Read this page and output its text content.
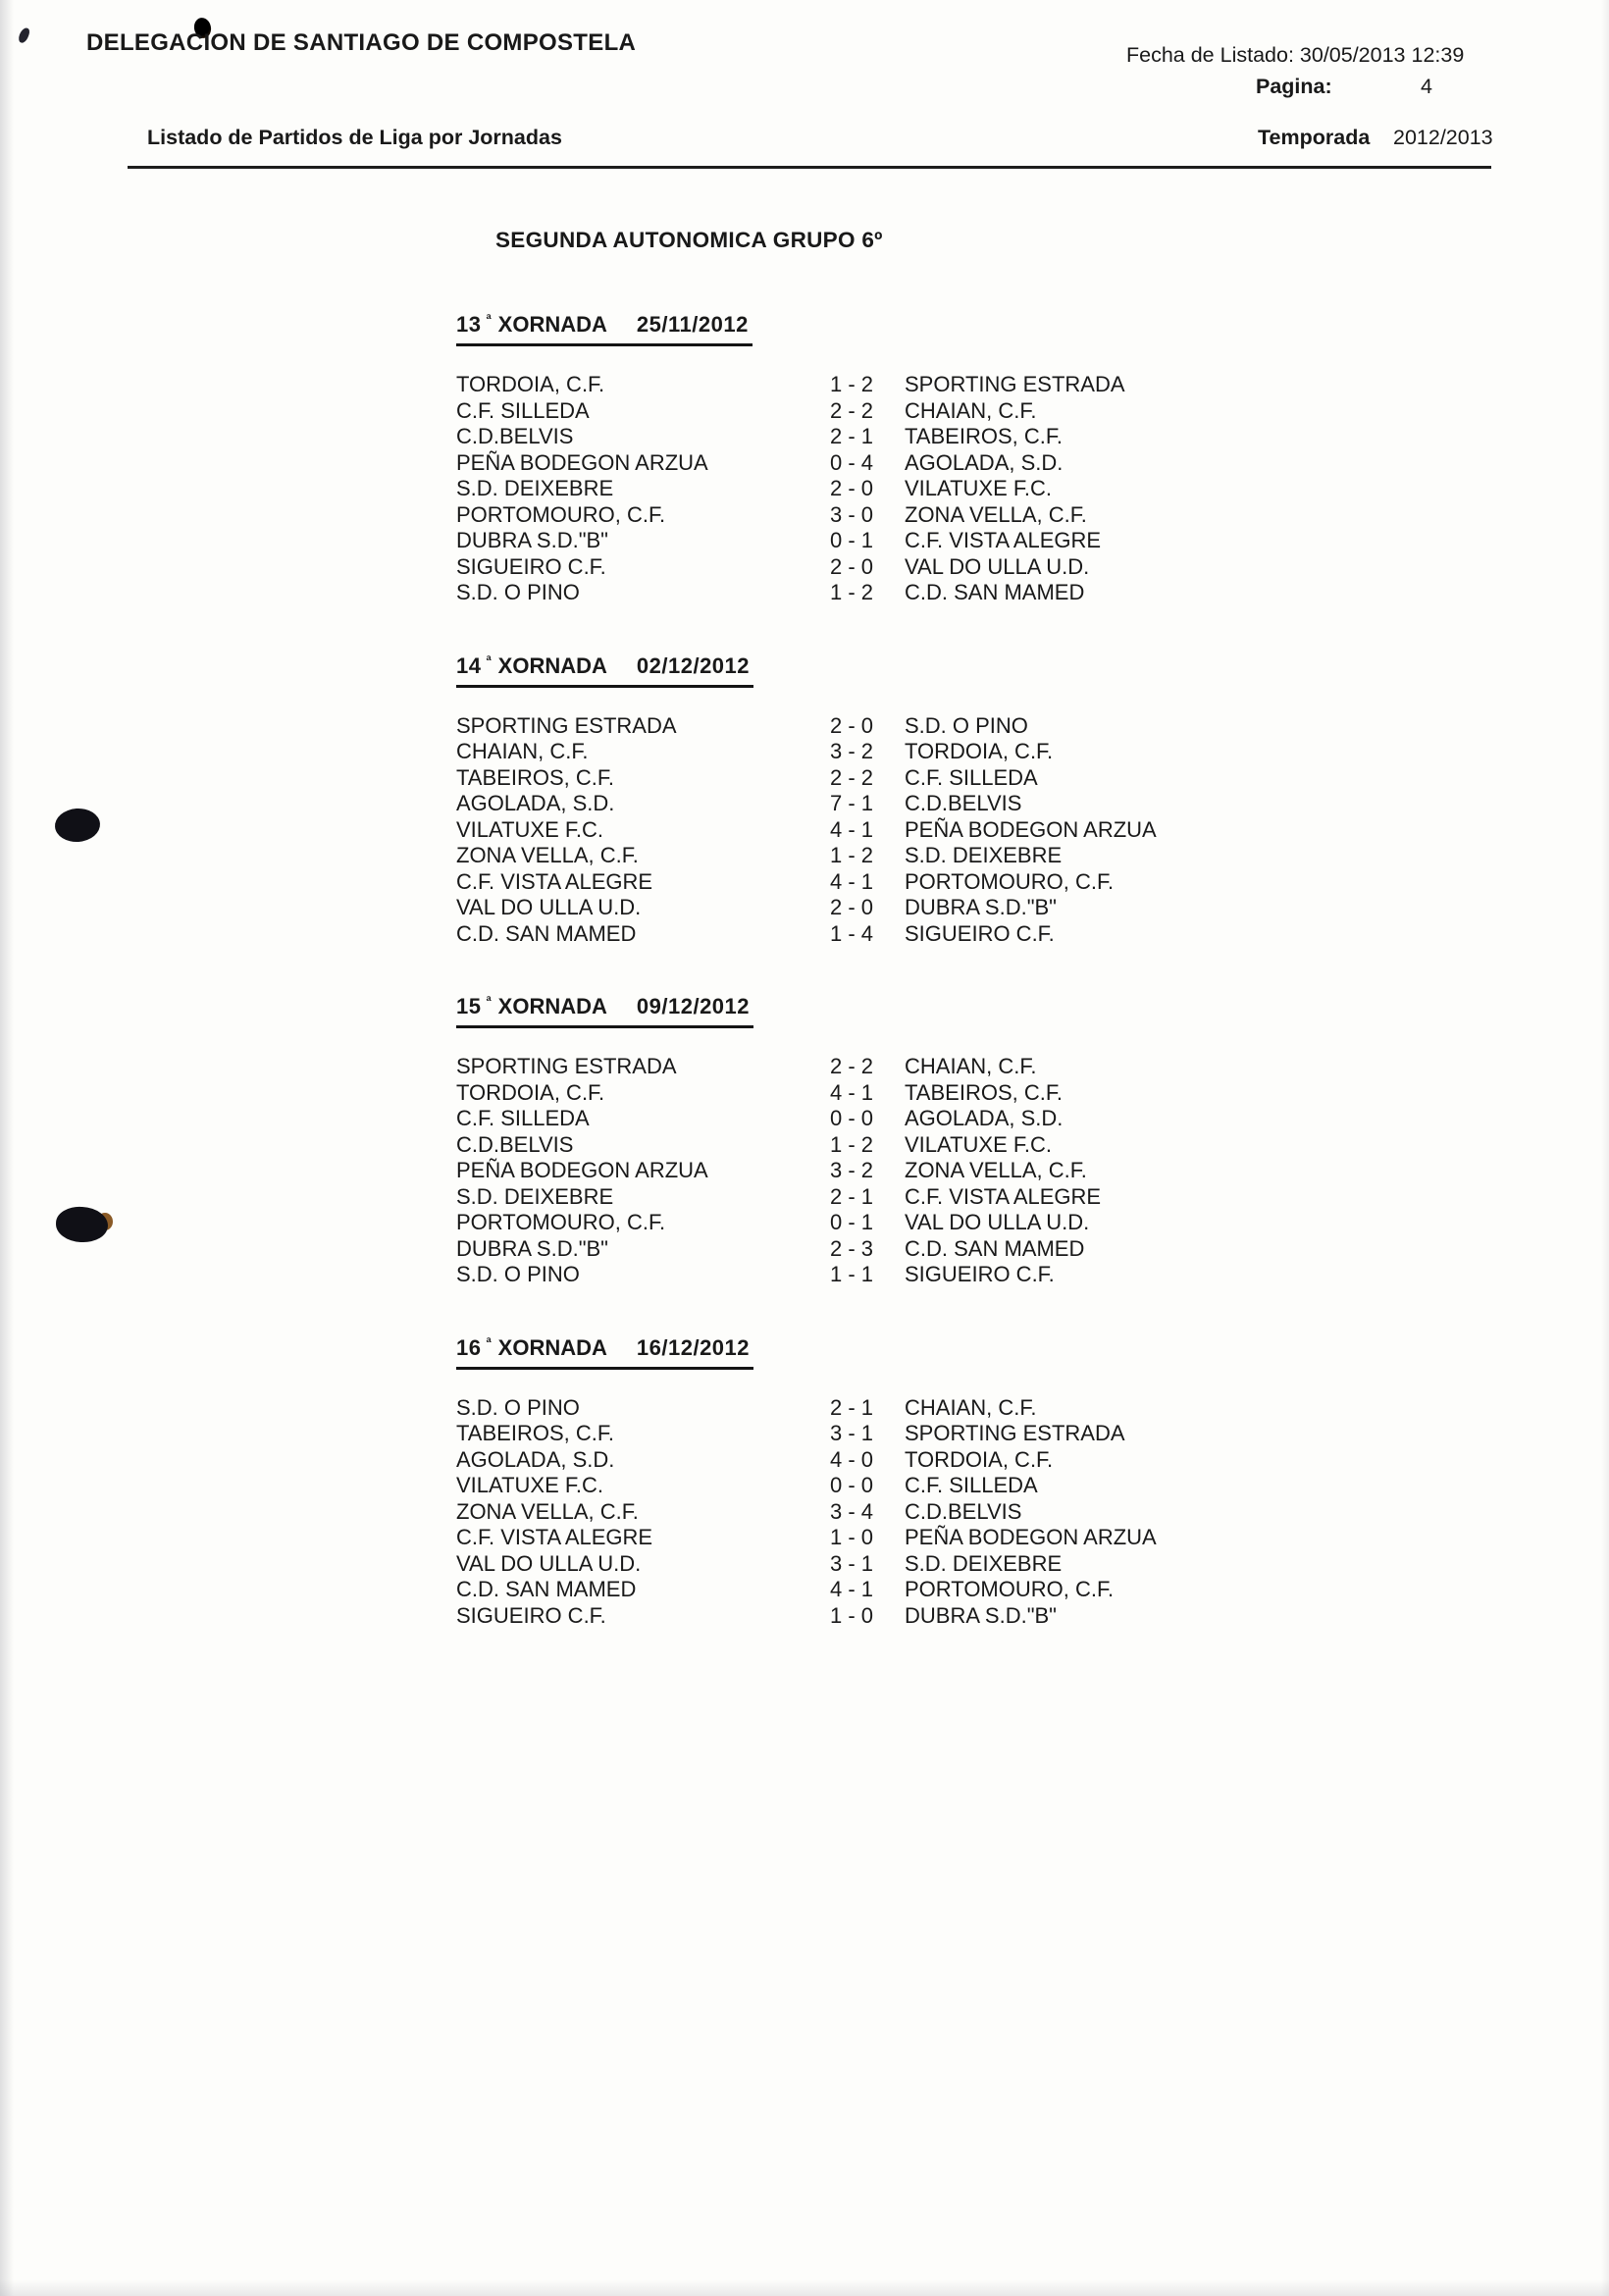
DELEGACION DE SANTIAGO DE COMPOSTELA	Fecha de Listado: 30/05/2013 12:39
Pagina:	4
Listado de Partidos de Liga por Jornadas	Temporada 2012/2013
SEGUNDA AUTONOMICA GRUPO 6º
13 ª XORNADA 25/11/2012
TORDOIA, C.F.	1 - 2 SPORTING ESTRADA
C.F. SILLEDA	2 - 2 CHAIAN, C.F.
C.D.BELVIS	2 - 1 TABEIROS, C.F.
PEÑA BODEGON ARZUA	0 - 4 AGOLADA, S.D.
S.D. DEIXEBRE	2 - 0 VILATUXE F.C.
PORTOMOURO, C.F.	3 - 0 ZONA VELLA, C.F.
DUBRA S.D."B"	0 - 1 C.F. VISTA ALEGRE
SIGUEIRO C.F.	2 - 0 VAL DO ULLA U.D.
S.D. O PINO	1 - 2 C.D. SAN MAMED
14 ª XORNADA 02/12/2012
SPORTING ESTRADA	2 - 0 S.D. O PINO
CHAIAN, C.F.	3 - 2 TORDOIA, C.F.
TABEIROS, C.F.	2 - 2 C.F. SILLEDA
AGOLADA, S.D.	7 - 1 C.D.BELVIS
VILATUXE F.C.	4 - 1 PEÑA BODEGON ARZUA
ZONA VELLA, C.F.	1 - 2 S.D. DEIXEBRE
C.F. VISTA ALEGRE	4 - 1 PORTOMOURO, C.F.
VAL DO ULLA U.D.	2 - 0 DUBRA S.D."B"
C.D. SAN MAMED	1 - 4 SIGUEIRO C.F.
15 ª XORNADA 09/12/2012
SPORTING ESTRADA	2 - 2 CHAIAN, C.F.
TORDOIA, C.F.	4 - 1 TABEIROS, C.F.
C.F. SILLEDA	0 - 0 AGOLADA, S.D.
C.D.BELVIS	1 - 2 VILATUXE F.C.
PEÑA BODEGON ARZUA	3 - 2 ZONA VELLA, C.F.
S.D. DEIXEBRE	2 - 1 C.F. VISTA ALEGRE
PORTOMOURO, C.F.	0 - 1 VAL DO ULLA U.D.
DUBRA S.D."B"	2 - 3 C.D. SAN MAMED
S.D. O PINO	1 - 1 SIGUEIRO C.F.
16 ª XORNADA 16/12/2012
S.D. O PINO	2 - 1 CHAIAN, C.F.
TABEIROS, C.F.	3 - 1 SPORTING ESTRADA
AGOLADA, S.D.	4 - 0 TORDOIA, C.F.
VILATUXE F.C.	0 - 0 C.F. SILLEDA
ZONA VELLA, C.F.	3 - 4 C.D.BELVIS
C.F. VISTA ALEGRE	1 - 0 PEÑA BODEGON ARZUA
VAL DO ULLA U.D.	3 - 1 S.D. DEIXEBRE
C.D. SAN MAMED	4 - 1 PORTOMOURO, C.F.
SIGUEIRO C.F.	1 - 0 DUBRA S.D."B"
